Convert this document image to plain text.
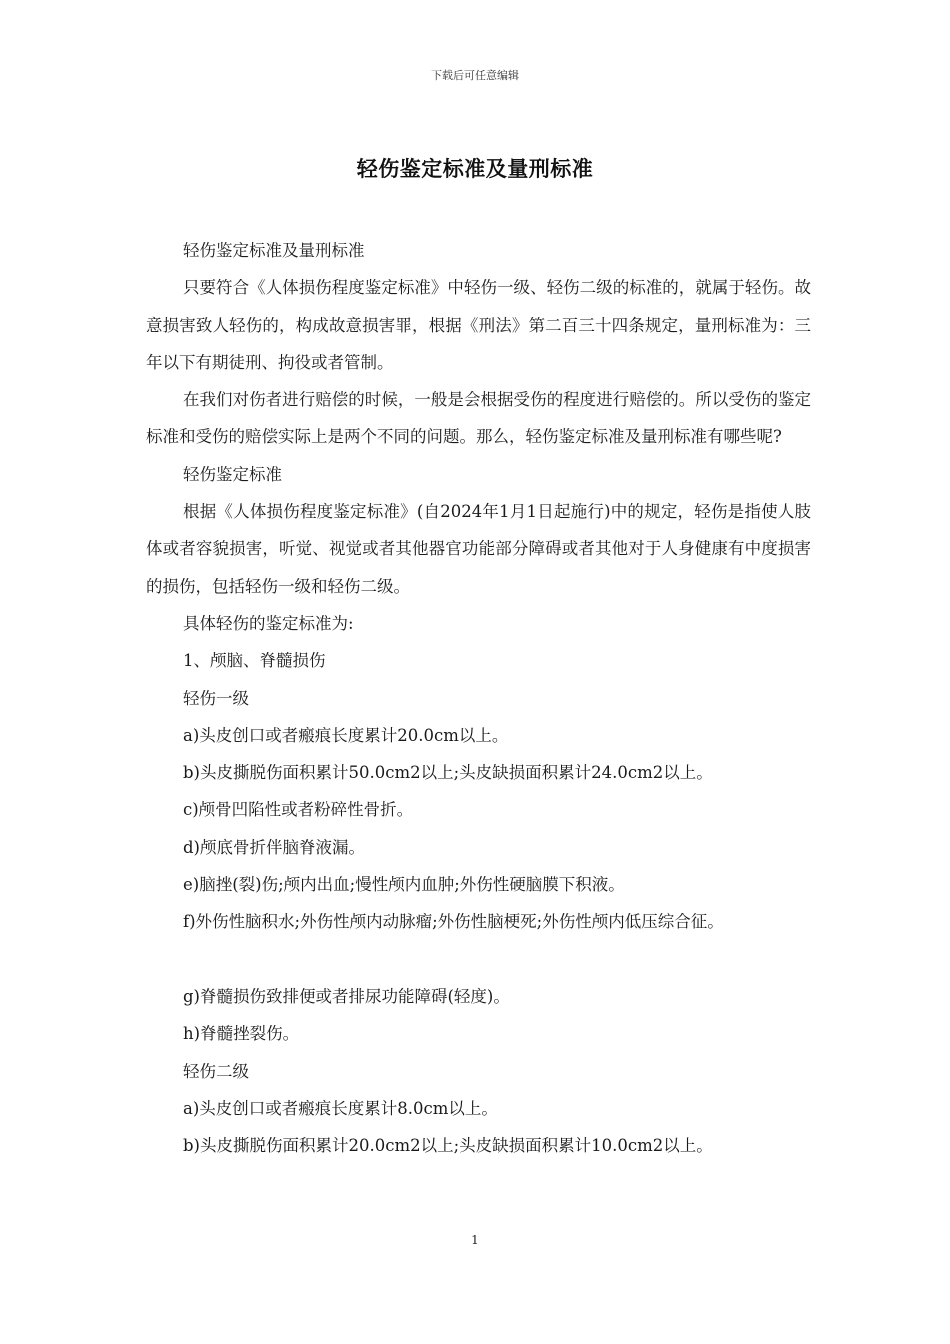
下载后可任意编辑
轻伤鉴定标准及量刑标准

轻伤鉴定标准及量刑标准

只要符合《人体损伤程度鉴定标准》中轻伤一级、轻伤二级的标准的，就属于轻伤。故意损害致人轻伤的，构成故意损害罪，根据《刑法》第二百三十四条规定，量刑标准为：三年以下有期徒刑、拘役或者管制。

在我们对伤者进行赔偿的时候，一般是会根据受伤的程度进行赔偿的。所以受伤的鉴定标准和受伤的赔偿实际上是两个不同的问题。那么，轻伤鉴定标准及量刑标准有哪些呢?

轻伤鉴定标准

根据《人体损伤程度鉴定标准》(自2024年1月1日起施行)中的规定，轻伤是指使人肢体或者容貌损害，听觉、视觉或者其他器官功能部分障碍或者其他对于人身健康有中度损害的损伤，包括轻伤一级和轻伤二级。

具体轻伤的鉴定标准为:

1、颅脑、脊髓损伤

轻伤一级

a)头皮创口或者瘢痕长度累计20.0cm以上。

b)头皮撕脱伤面积累计50.0cm2以上;头皮缺损面积累计24.0cm2以上。

c)颅骨凹陷性或者粉碎性骨折。

d)颅底骨折伴脑脊液漏。

e)脑挫(裂)伤;颅内出血;慢性颅内血肿;外伤性硬脑膜下积液。

f)外伤性脑积水;外伤性颅内动脉瘤;外伤性脑梗死;外伤性颅内低压综合征。

g)脊髓损伤致排便或者排尿功能障碍(轻度)。

h)脊髓挫裂伤。

轻伤二级

a)头皮创口或者瘢痕长度累计8.0cm以上。

b)头皮撕脱伤面积累计20.0cm2以上;头皮缺损面积累计10.0cm2以上。

1
